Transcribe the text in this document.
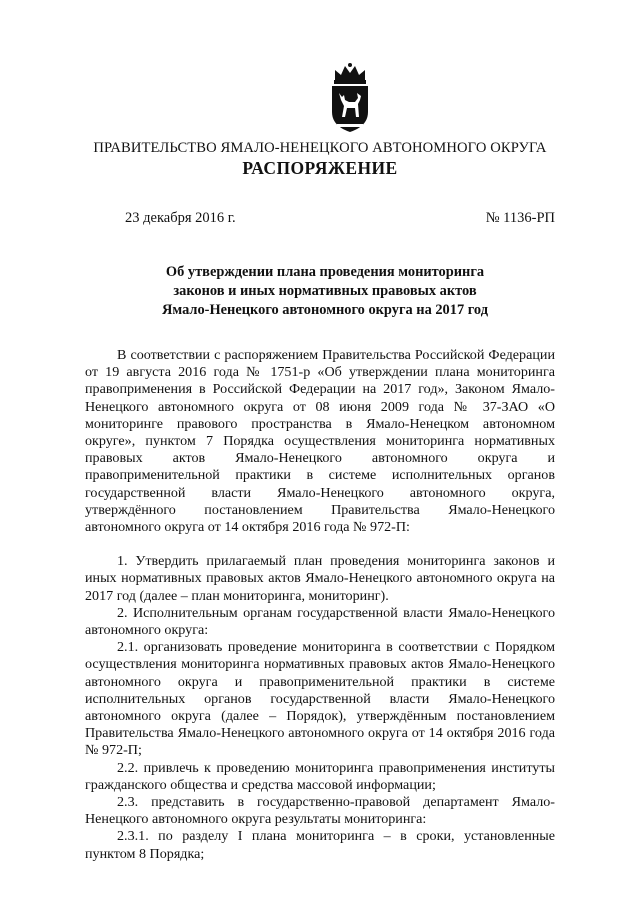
ПРАВИТЕЛЬСТВО ЯМАЛО-НЕНЕЦКОГО АВТОНОМНОГО ОКРУГА
РАСПОРЯЖЕНИЕ
23 декабря 2016 г.	№ 1136-РП
Об утверждении плана проведения мониторинга
законов и иных нормативных правовых актов
Ямало-Ненецкого автономного округа на 2017 год

В соответствии с распоряжением Правительства Российской Федерации от 19 августа 2016 года № 1751-р «Об утверждении плана мониторинга правоприменения в Российской Федерации на 2017 год», Законом Ямало-Ненецкого автономного округа от 08 июня 2009 года № 37-ЗАО «О мониторинге правового пространства в Ямало-Ненецком автономном округе», пунктом 7 Порядка осуществления мониторинга нормативных правовых актов Ямало-Ненецкого автономного округа и правоприменительной практики в системе исполнительных органов государственной власти Ямало-Ненецкого автономного округа, утверждённого постановлением Правительства Ямало-Ненецкого автономного округа от 14 октября 2016 года № 972-П:

1. Утвердить прилагаемый план проведения мониторинга законов и иных нормативных правовых актов Ямало-Ненецкого автономного округа на 2017 год (далее – план мониторинга, мониторинг).

2. Исполнительным органам государственной власти Ямало-Ненецкого автономного округа:

2.1. организовать проведение мониторинга в соответствии с Порядком осуществления мониторинга нормативных правовых актов Ямало-Ненецкого автономного округа и правоприменительной практики в системе исполнительных органов государственной власти Ямало-Ненецкого автономного округа (далее – Порядок), утверждённым постановлением Правительства Ямало-Ненецкого автономного округа от 14 октября 2016 года № 972-П;

2.2. привлечь к проведению мониторинга правоприменения институты гражданского общества и средства массовой информации;

2.3. представить в государственно-правовой департамент Ямало-Ненецкого автономного округа результаты мониторинга:

2.3.1. по разделу I плана мониторинга – в сроки, установленные пунктом 8 Порядка;
